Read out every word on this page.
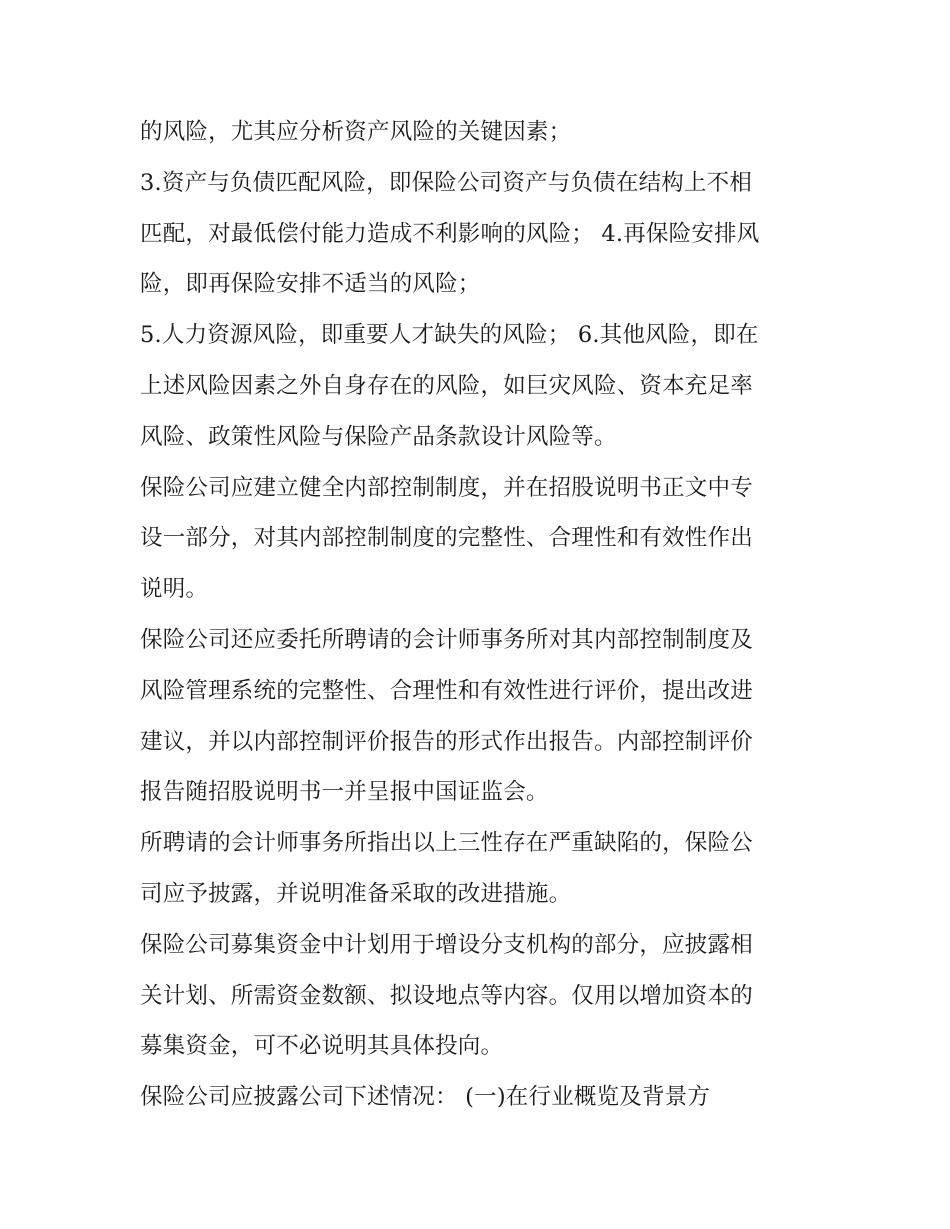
的风险，尤其应分析资产风险的关键因素；

3.资产与负债匹配风险，即保险公司资产与负债在结构上不相
匹配，对最低偿付能力造成不利影响的风险； 4.再保险安排风
险，即再保险安排不适当的风险；

5.人力资源风险，即重要人才缺失的风险； 6.其他风险，即在
上述风险因素之外自身存在的风险，如巨灾风险、资本充足率
风险、政策性风险与保险产品条款设计风险等。

保险公司应建立健全内部控制制度，并在招股说明书正文中专
设一部分，对其内部控制制度的完整性、合理性和有效性作出
说明。

保险公司还应委托所聘请的会计师事务所对其内部控制制度及
风险管理系统的完整性、合理性和有效性进行评价，提出改进
建议，并以内部控制评价报告的形式作出报告。内部控制评价
报告随招股说明书一并呈报中国证监会。

所聘请的会计师事务所指出以上三性存在严重缺陷的，保险公
司应予披露，并说明准备采取的改进措施。

保险公司募集资金中计划用于增设分支机构的部分，应披露相
关计划、所需资金数额、拟设地点等内容。仅用以增加资本的
募集资金，可不必说明其具体投向。

保险公司应披露公司下述情况： (一)在行业概览及背景方
